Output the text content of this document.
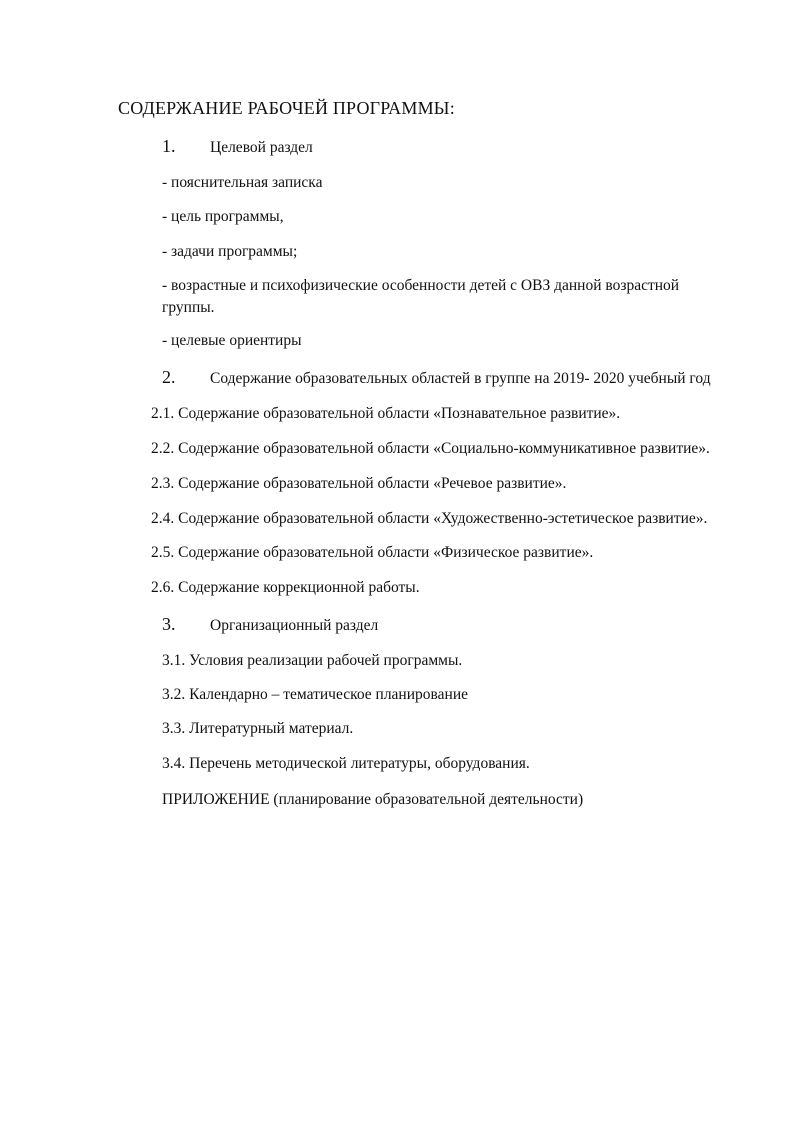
СОДЕРЖАНИЕ РАБОЧЕЙ ПРОГРАММЫ:
1. Целевой раздел
- пояснительная записка
- цель программы,
- задачи программы;
- возрастные и психофизические особенности детей с ОВЗ данной возрастной
группы.
- целевые ориентиры
2. Содержание образовательных областей в группе на 2019- 2020 учебный год
2.1. Содержание образовательной области «Познавательное развитие».
2.2. Содержание образовательной области «Социально-коммуникативное развитие».
2.3. Содержание образовательной области «Речевое развитие».
2.4. Содержание образовательной области «Художественно-эстетическое развитие».
2.5. Содержание образовательной области «Физическое развитие».
2.6. Содержание коррекционной работы.
3. Организационный раздел
3.1. Условия реализации рабочей программы.
3.2. Календарно – тематическое планирование
3.3. Литературный материал.
3.4. Перечень методической литературы, оборудования.
ПРИЛОЖЕНИЕ (планирование образовательной деятельности)
